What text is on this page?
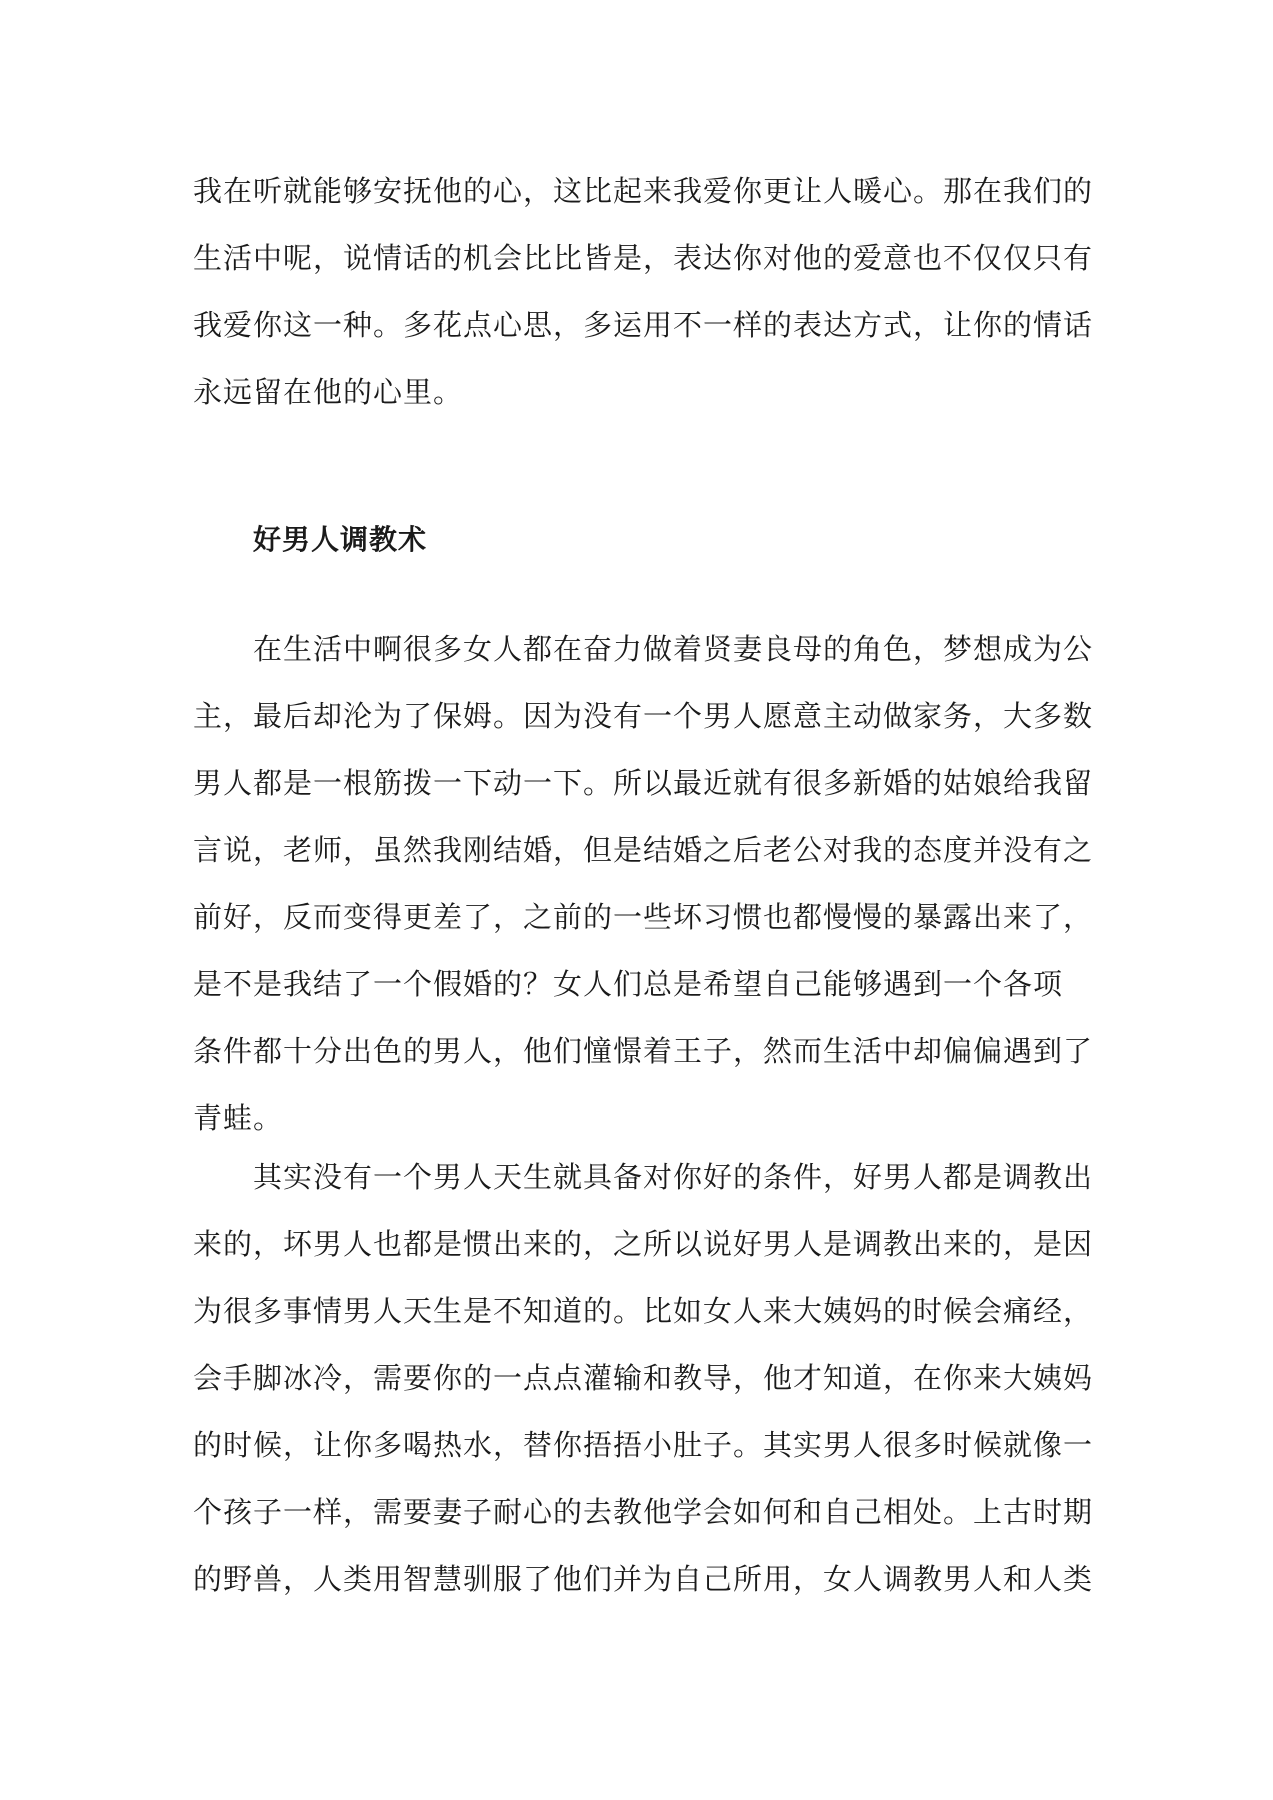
我在听就能够安抚他的心，这比起来我爱你更让人暖心。那在我们的
生活中呢，说情话的机会比比皆是，表达你对他的爱意也不仅仅只有
我爱你这一种。多花点心思，多运用不一样的表达方式，让你的情话
永远留在他的心里。
好男人调教术
在生活中啊很多女人都在奋力做着贤妻良母的角色，梦想成为公
主，最后却沦为了保姆。因为没有一个男人愿意主动做家务，大多数
男人都是一根筋拨一下动一下。所以最近就有很多新婚的姑娘给我留
言说，老师，虽然我刚结婚，但是结婚之后老公对我的态度并没有之
前好，反而变得更差了，之前的一些坏习惯也都慢慢的暴露出来了，
是不是我结了一个假婚的？女人们总是希望自己能够遇到一个各项
条件都十分出色的男人，他们憧憬着王子，然而生活中却偏偏遇到了
青蛙。
其实没有一个男人天生就具备对你好的条件，好男人都是调教出
来的，坏男人也都是惯出来的，之所以说好男人是调教出来的，是因
为很多事情男人天生是不知道的。比如女人来大姨妈的时候会痛经，
会手脚冰冷，需要你的一点点灌输和教导，他才知道，在你来大姨妈
的时候，让你多喝热水，替你捂捂小肚子。其实男人很多时候就像一
个孩子一样，需要妻子耐心的去教他学会如何和自己相处。上古时期
的野兽，人类用智慧驯服了他们并为自己所用，女人调教男人和人类
